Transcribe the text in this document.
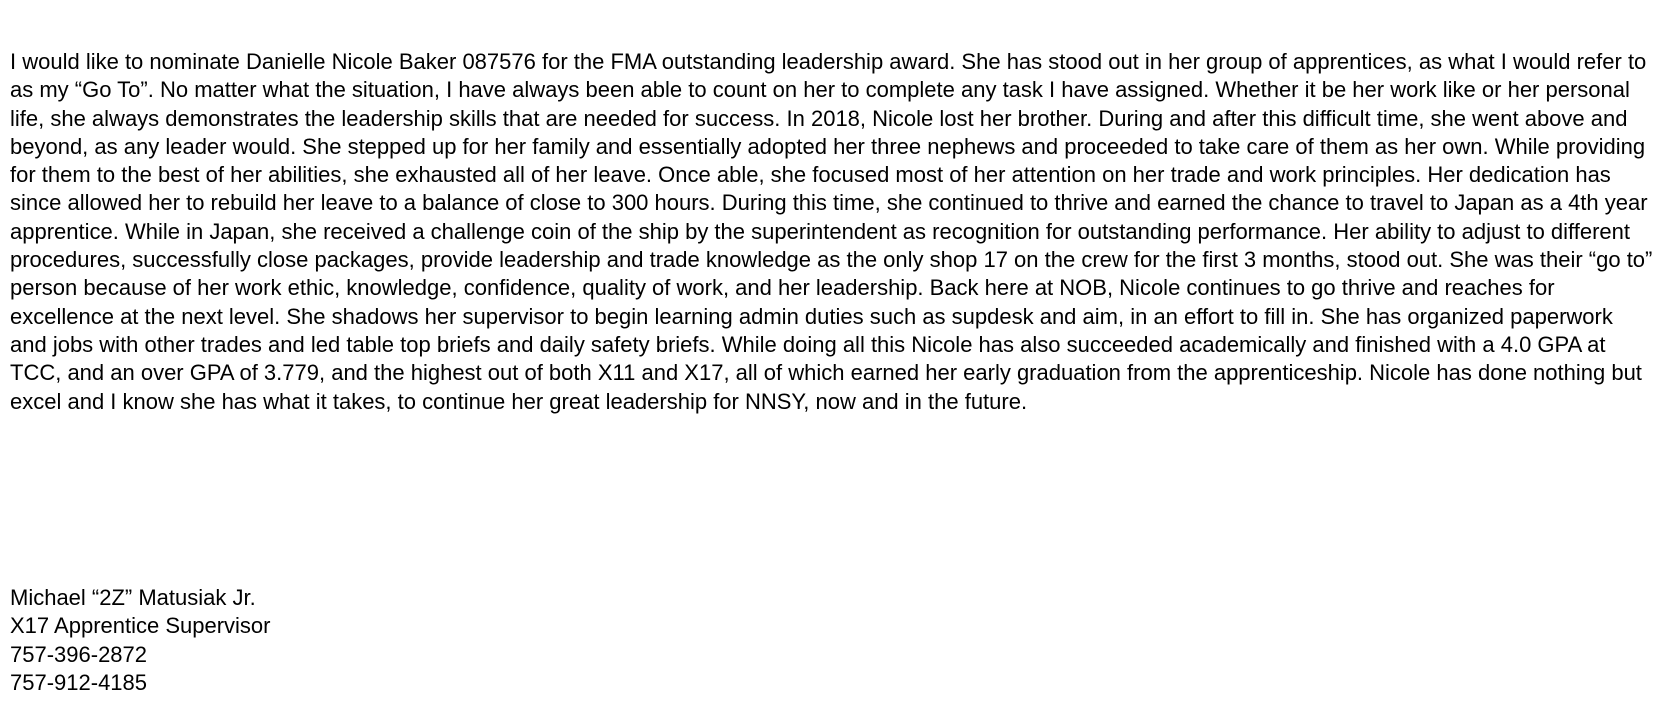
I would like to nominate Danielle Nicole Baker 087576 for the FMA outstanding leadership award. She has stood out in her group of apprentices, as what I would refer to as my “Go To”. No matter what the situation, I have always been able to count on her to complete any task I have assigned. Whether it be her work like or her personal life, she always demonstrates the leadership skills that are needed for success. In 2018, Nicole lost her brother. During and after this difficult time, she went above and beyond, as any leader would. She stepped up for her family and essentially adopted her three nephews and proceeded to take care of them as her own. While providing for them to the best of her abilities, she exhausted all of her leave. Once able, she focused most of her attention on her trade and work principles. Her dedication has since allowed her to rebuild her leave to a balance of close to 300 hours. During this time, she continued to thrive and earned the chance to travel to Japan as a 4th year apprentice. While in Japan, she received a challenge coin of the ship by the superintendent as recognition for outstanding performance. Her ability to adjust to different procedures, successfully close packages, provide leadership and trade knowledge as the only shop 17 on the crew for the first 3 months, stood out. She was their “go to” person because of her work ethic, knowledge, confidence, quality of work, and her leadership. Back here at NOB, Nicole continues to go thrive and reaches for excellence at the next level. She shadows her supervisor to begin learning admin duties such as supdesk and aim, in an effort to fill in. She has organized paperwork and jobs with other trades and led table top briefs and daily safety briefs. While doing all this Nicole has also succeeded academically and finished with a 4.0 GPA at TCC, and an over GPA of 3.779, and the highest out of both X11 and X17, all of which earned her early graduation from the apprenticeship. Nicole has done nothing but excel and I know she has what it takes, to continue her great leadership for NNSY, now and in the future.

Michael “2Z” Matusiak Jr.
X17 Apprentice Supervisor
757-396-2872
757-912-4185
